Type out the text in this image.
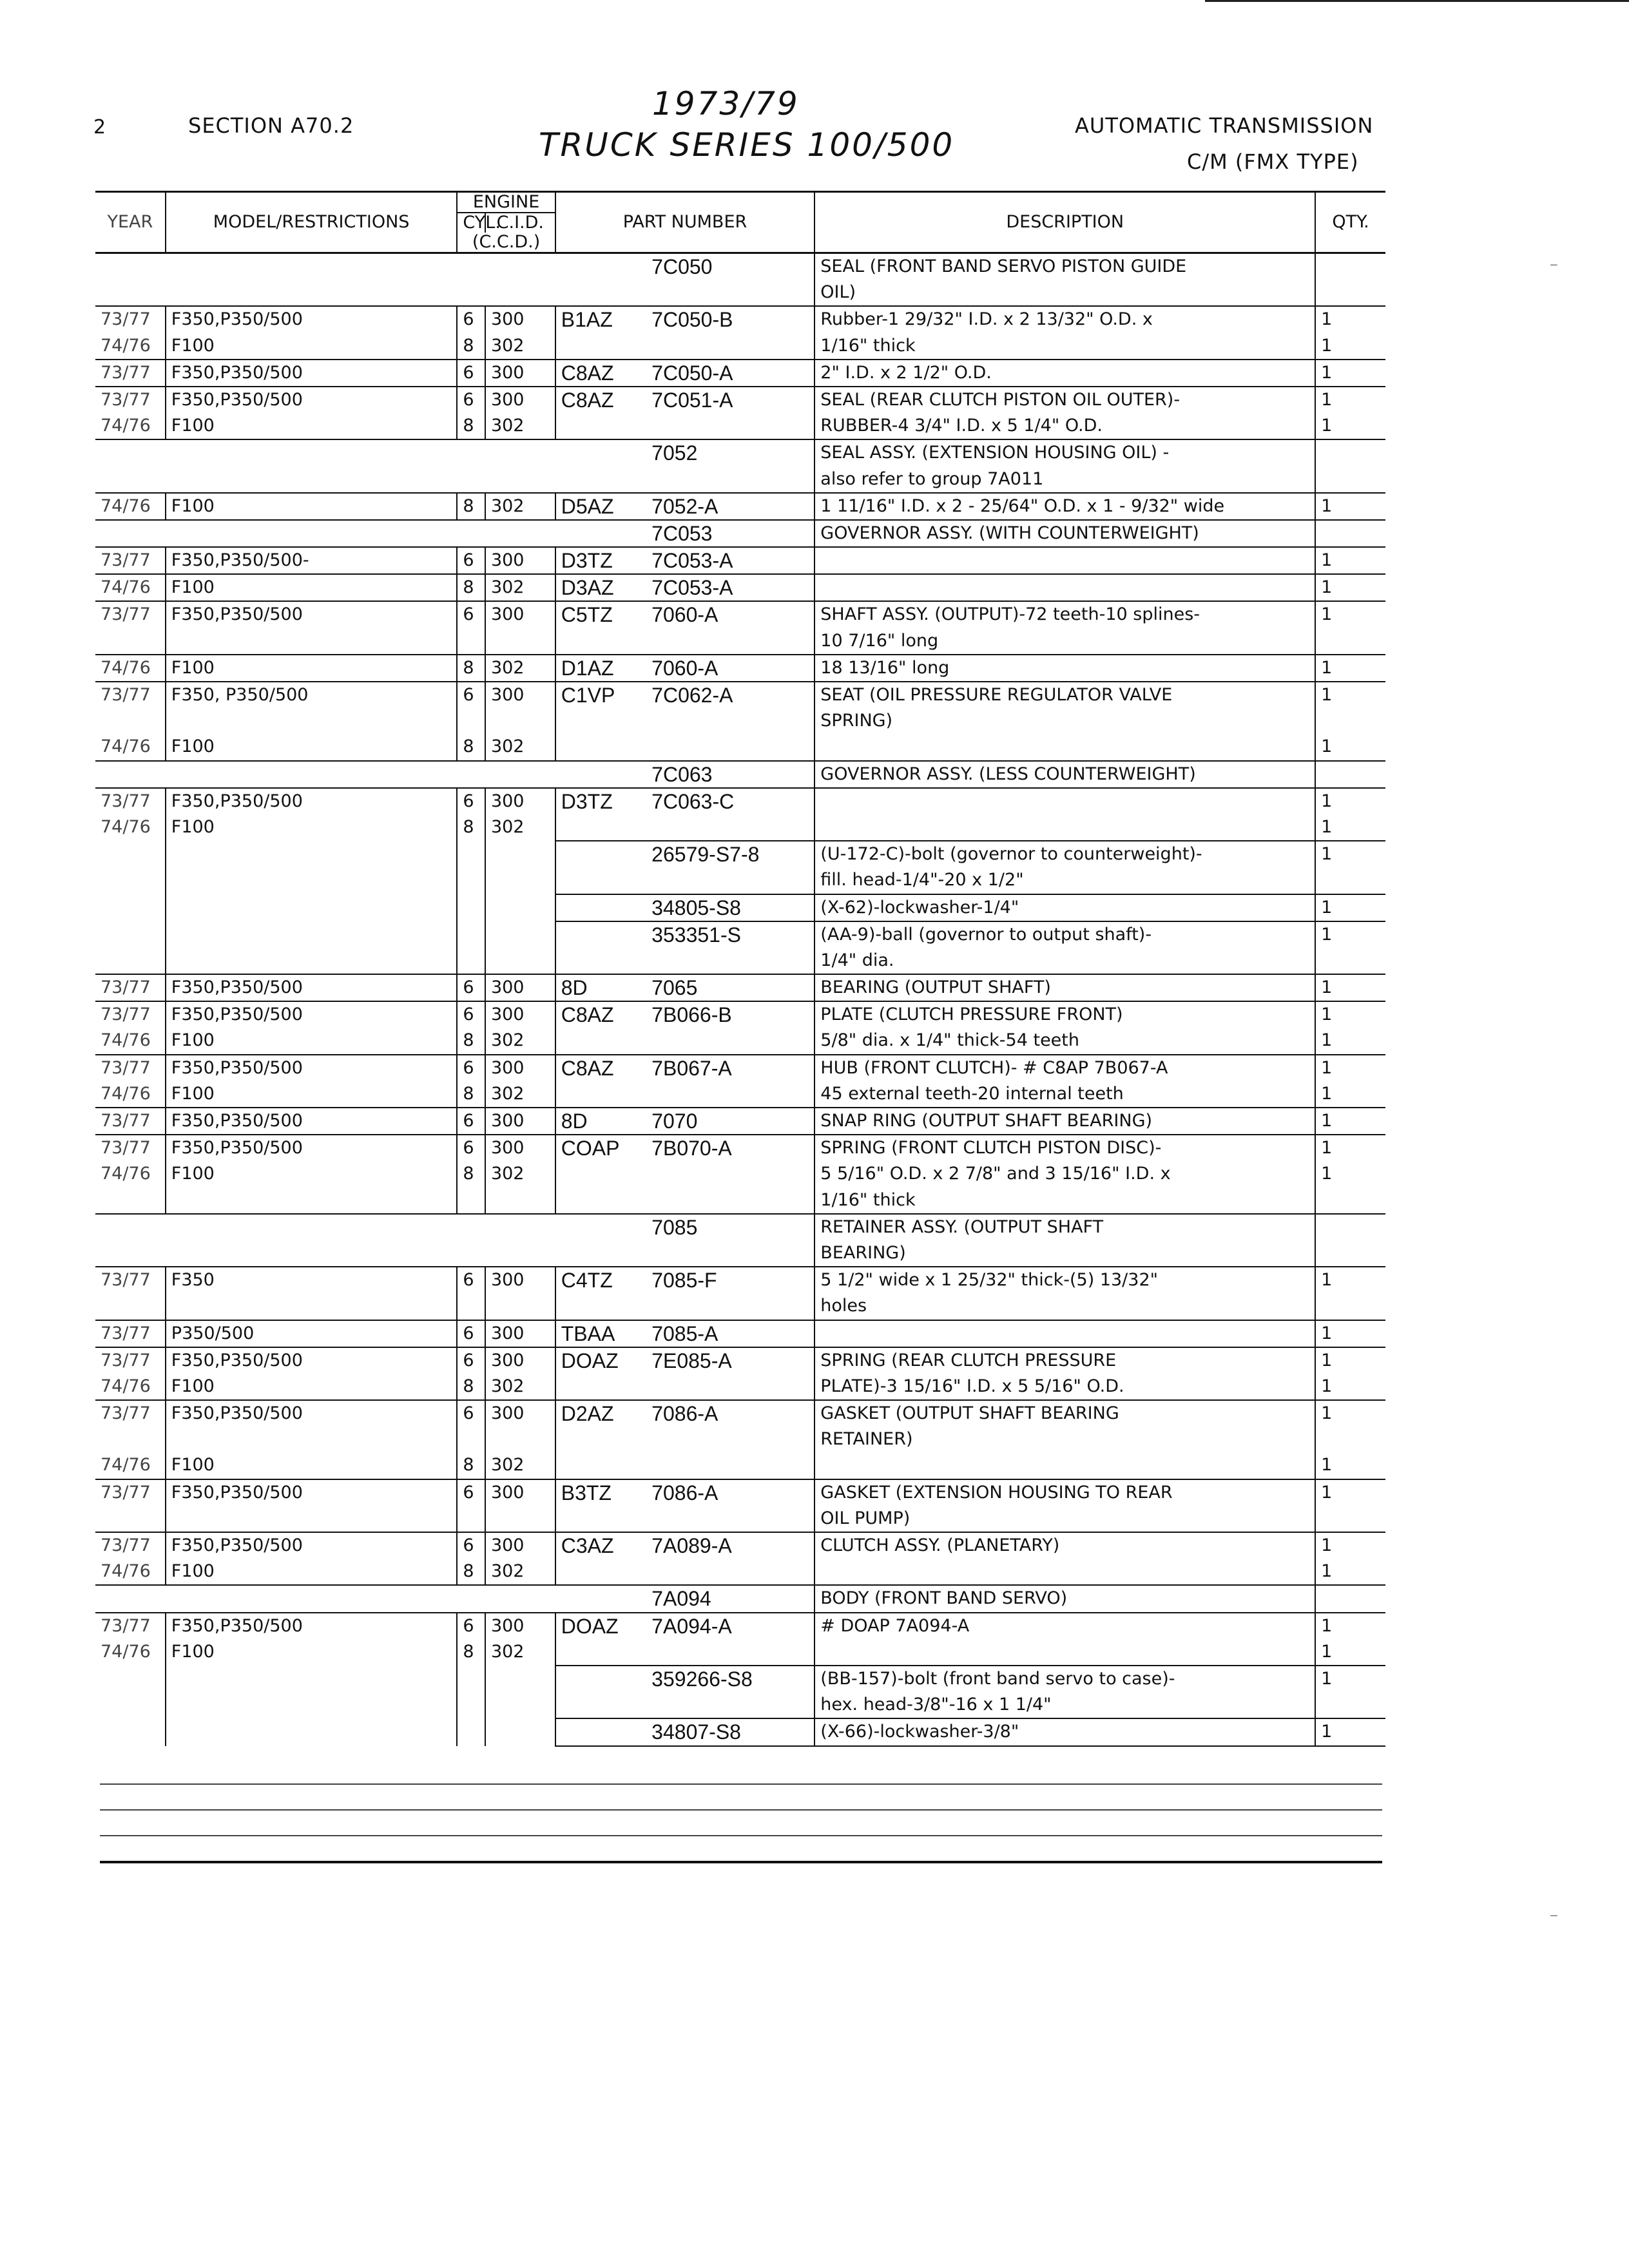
2	SECTION A70.2
1973/79
TRUCK SERIES 100/500
AUTOMATIC TRANSMISSION
C/M (FMX TYPE)
		ENGINE					
YEAR	MODEL/RESTRICTIONS	CYL.	C.I.D.	PART NUMBER		DESCRIPTION	QTY.
		(C.C.D.)					
					7C050	SEAL (FRONT BAND SERVO PISTON GUIDE	
						OIL)	
73/77	F350,P350/500	6	300	B1AZ	7C050-B	Rubber-1 29/32" I.D. x 2 13/32" O.D. x	1
74/76	F100	8	302			1/16" thick	1
73/77	F350,P350/500	6	300	C8AZ	7C050-A	2" I.D. x 2 1/2" O.D.	1
73/77	F350,P350/500	6	300	C8AZ	7C051-A	SEAL (REAR CLUTCH PISTON OIL OUTER)-	1
74/76	F100	8	302			RUBBER-4 3/4" I.D. x 5 1/4" O.D.	1
					7052	SEAL ASSY. (EXTENSION HOUSING OIL) -	
						also refer to group 7A011	
74/76	F100	8	302	D5AZ	7052-A	1 11/16" I.D. x 2 - 25/64" O.D. x 1 - 9/32" wide	1
					7C053	GOVERNOR ASSY. (WITH COUNTERWEIGHT)	
73/77	F350,P350/500-	6	300	D3TZ	7C053-A		1
74/76	F100	8	302	D3AZ	7C053-A		1
73/77	F350,P350/500	6	300	C5TZ	7060-A	SHAFT ASSY. (OUTPUT)-72 teeth-10 splines-	1
						10 7/16" long	
74/76	F100	8	302	D1AZ	7060-A	18 13/16" long	1
73/77	F350, P350/500	6	300	C1VP	7C062-A	SEAT (OIL PRESSURE REGULATOR VALVE	1
						SPRING)	
74/76	F100	8	302				1
					7C063	GOVERNOR ASSY. (LESS COUNTERWEIGHT)	
73/77	F350,P350/500	6	300	D3TZ	7C063-C		1
74/76	F100	8	302				1
					26579-S7-8	(U-172-C)-bolt (governor to counterweight)-	1
						fill. head-1/4"-20 x 1/2"	
					34805-S8	(X-62)-lockwasher-1/4"	1
					353351-S	(AA-9)-ball (governor to output shaft)-	1
						1/4" dia.	
73/77	F350,P350/500	6	300	8D	7065	BEARING (OUTPUT SHAFT)	1
73/77	F350,P350/500	6	300	C8AZ	7B066-B	PLATE (CLUTCH PRESSURE FRONT)	1
74/76	F100	8	302			5/8" dia. x 1/4" thick-54 teeth	1
73/77	F350,P350/500	6	300	C8AZ	7B067-A	HUB (FRONT CLUTCH)- # C8AP 7B067-A	1
74/76	F100	8	302			45 external teeth-20 internal teeth	1
73/77	F350,P350/500	6	300	8D	7070	SNAP RING (OUTPUT SHAFT BEARING)	1
73/77	F350,P350/500	6	300	COAP	7B070-A	SPRING (FRONT CLUTCH PISTON DISC)-	1
74/76	F100	8	302			5 5/16" O.D. x 2 7/8" and 3 15/16" I.D. x	1
						1/16" thick	
					7085	RETAINER ASSY. (OUTPUT SHAFT	
						BEARING)	
73/77	F350	6	300	C4TZ	7085-F	5 1/2" wide x 1 25/32" thick-(5) 13/32"	1
						holes	
73/77	P350/500	6	300	TBAA	7085-A		1
73/77	F350,P350/500	6	300	DOAZ	7E085-A	SPRING (REAR CLUTCH PRESSURE	1
74/76	F100	8	302			PLATE)-3 15/16" I.D. x 5 5/16" O.D.	1
73/77	F350,P350/500	6	300	D2AZ	7086-A	GASKET (OUTPUT SHAFT BEARING	1
						RETAINER)	
74/76	F100	8	302				1
73/77	F350,P350/500	6	300	B3TZ	7086-A	GASKET (EXTENSION HOUSING TO REAR	1
						OIL PUMP)	
73/77	F350,P350/500	6	300	C3AZ	7A089-A	CLUTCH ASSY. (PLANETARY)	1
74/76	F100	8	302				1
					7A094	BODY (FRONT BAND SERVO)	
73/77	F350,P350/500	6	300	DOAZ	7A094-A	# DOAP 7A094-A	1
74/76	F100	8	302				1
					359266-S8	(BB-157)-bolt (front band servo to case)-	1
						hex. head-3/8"-16 x 1 1/4"	
					34807-S8	(X-66)-lockwasher-3/8"	1
‒
‒
